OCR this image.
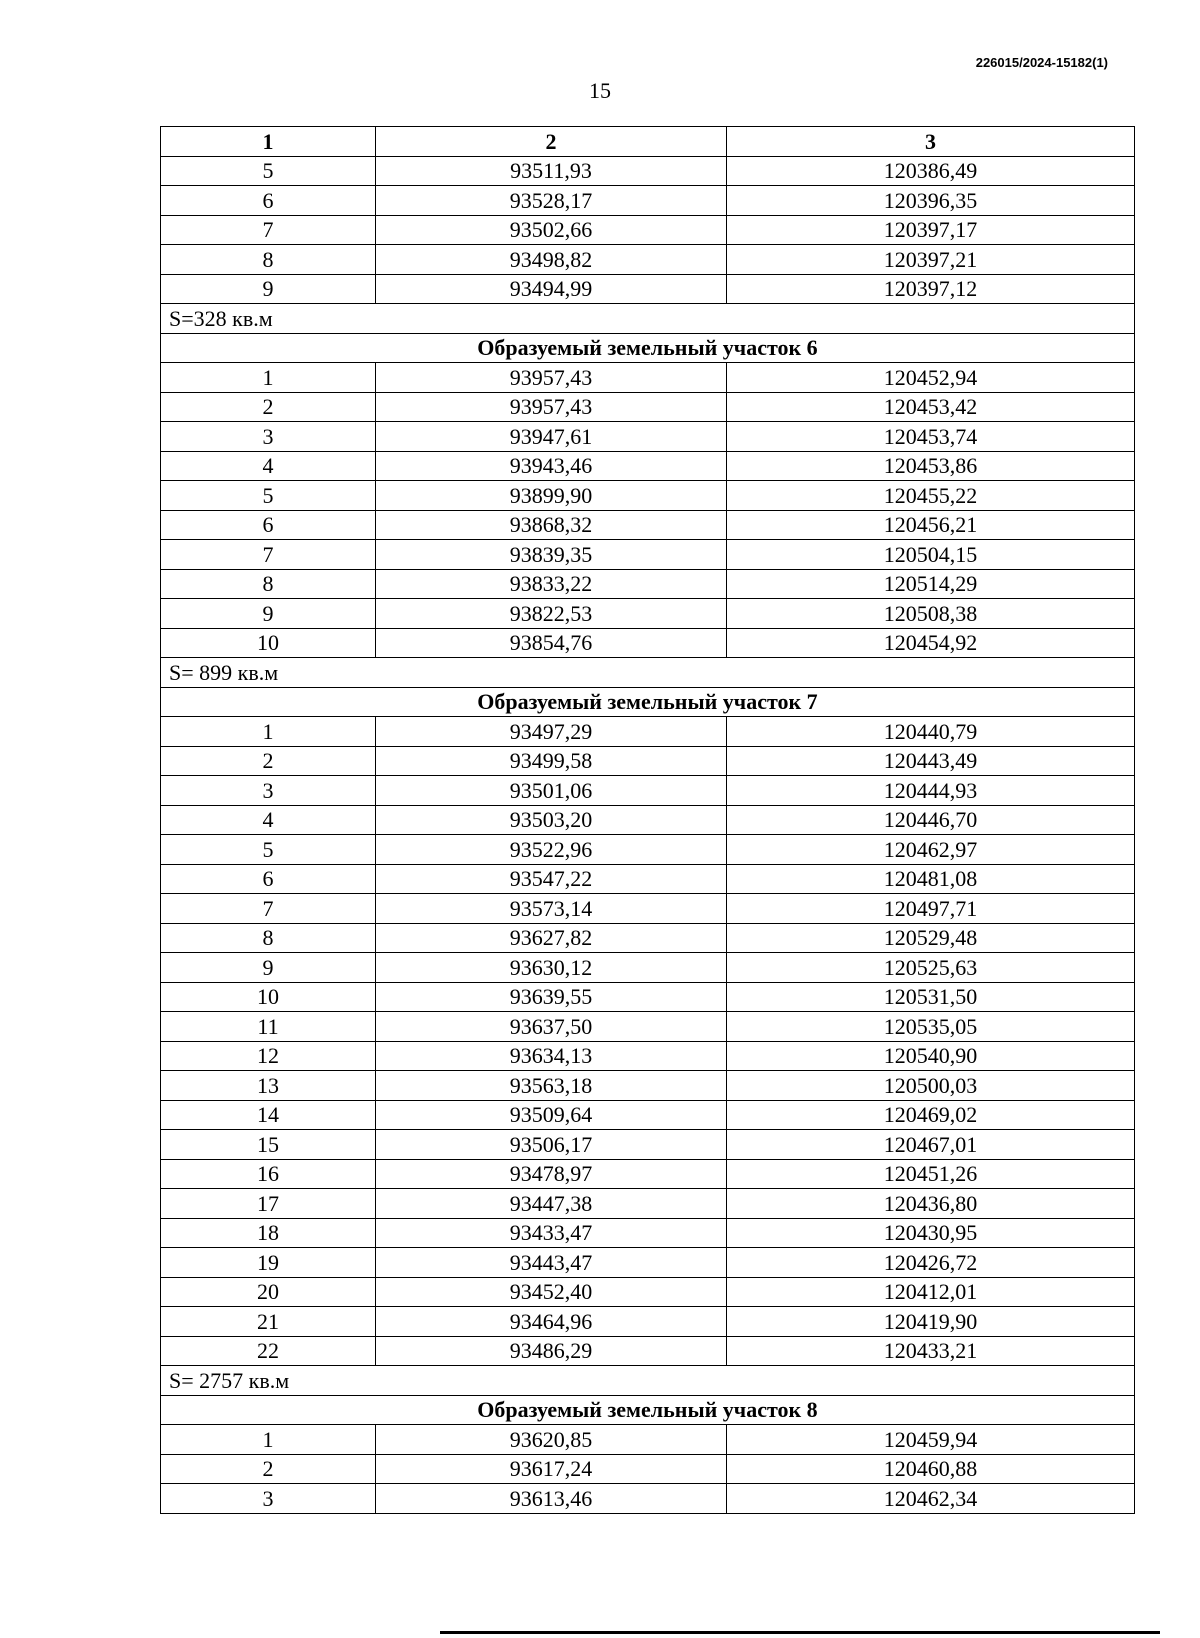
226015/2024-15182(1)
15
1	2	3
5	93511,93	120386,49
6	93528,17	120396,35
7	93502,66	120397,17
8	93498,82	120397,21
9	93494,99	120397,12
S=328 кв.м		
Образуемый земельный участок 6		
1	93957,43	120452,94
2	93957,43	120453,42
3	93947,61	120453,74
4	93943,46	120453,86
5	93899,90	120455,22
6	93868,32	120456,21
7	93839,35	120504,15
8	93833,22	120514,29
9	93822,53	120508,38
10	93854,76	120454,92
S= 899 кв.м		
Образуемый земельный участок 7		
1	93497,29	120440,79
2	93499,58	120443,49
3	93501,06	120444,93
4	93503,20	120446,70
5	93522,96	120462,97
6	93547,22	120481,08
7	93573,14	120497,71
8	93627,82	120529,48
9	93630,12	120525,63
10	93639,55	120531,50
11	93637,50	120535,05
12	93634,13	120540,90
13	93563,18	120500,03
14	93509,64	120469,02
15	93506,17	120467,01
16	93478,97	120451,26
17	93447,38	120436,80
18	93433,47	120430,95
19	93443,47	120426,72
20	93452,40	120412,01
21	93464,96	120419,90
22	93486,29	120433,21
S= 2757 кв.м		
Образуемый земельный участок 8		
1	93620,85	120459,94
2	93617,24	120460,88
3	93613,46	120462,34
